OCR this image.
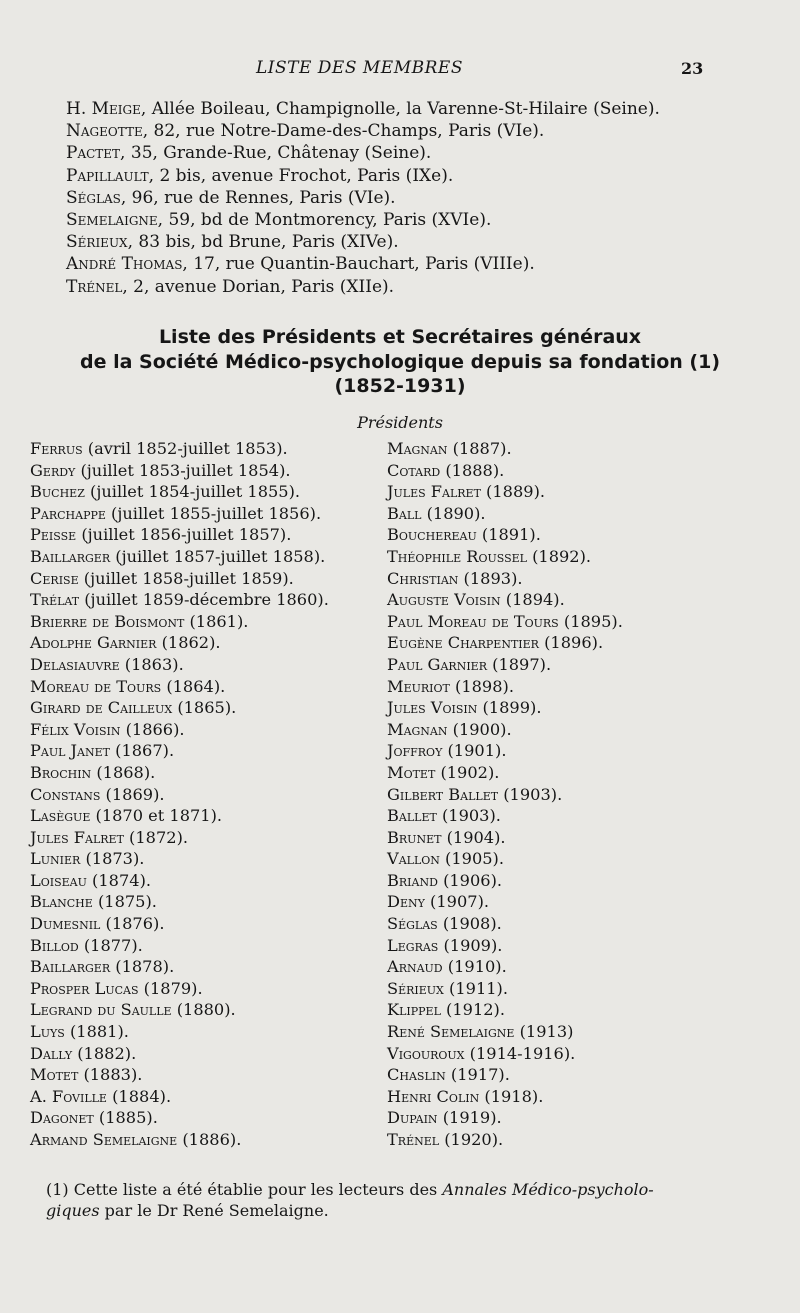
LISTE DES MEMBRES	23
H. Meige, Allée Boileau, Champignolle, la Varenne-St-Hilaire (Seine).
Nageotte, 82, rue Notre-Dame-des-Champs, Paris (VIe).
Pactet, 35, Grande-Rue, Châtenay (Seine).
Papillault, 2 bis, avenue Frochot, Paris (IXe).
Séglas, 96, rue de Rennes, Paris (VIe).
Semelaigne, 59, bd de Montmorency, Paris (XVIe).
Sérieux, 83 bis, bd Brune, Paris (XIVe).
André Thomas, 17, rue Quantin-Bauchart, Paris (VIIIe).
Trénel, 2, avenue Dorian, Paris (XIIe).
Liste des Présidents et Secrétaires généraux
de la Société Médico-psychologique depuis sa fondation (1)
(1852-1931)
Présidents
Ferrus (avril 1852-juillet 1853).
Gerdy (juillet 1853-juillet 1854).
Buchez (juillet 1854-juillet 1855).
Parchappe (juillet 1855-juillet 1856).
Peisse (juillet 1856-juillet 1857).
Baillarger (juillet 1857-juillet 1858).
Cerise (juillet 1858-juillet 1859).
Trélat (juillet 1859-décembre 1860).
Brierre de Boismont (1861).
Adolphe Garnier (1862).
Delasiauvre (1863).
Moreau de Tours (1864).
Girard de Cailleux (1865).
Félix Voisin (1866).
Paul Janet (1867).
Brochin (1868).
Constans (1869).
Lasègue (1870 et 1871).
Jules Falret (1872).
Lunier (1873).
Loiseau (1874).
Blanche (1875).
Dumesnil (1876).
Billod (1877).
Baillarger (1878).
Prosper Lucas (1879).
Legrand du Saulle (1880).
Luys (1881).
Dally (1882).
Motet (1883).
A. Foville (1884).
Dagonet (1885).
Armand Semelaigne (1886).
Magnan (1887).
Cotard (1888).
Jules Falret (1889).
Ball (1890).
Bouchereau (1891).
Théophile Roussel (1892).
Christian (1893).
Auguste Voisin (1894).
Paul Moreau de Tours (1895).
Eugène Charpentier (1896).
Paul Garnier (1897).
Meuriot (1898).
Jules Voisin (1899).
Magnan (1900).
Joffroy (1901).
Motet (1902).
Gilbert Ballet (1903).
Ballet (1903).
Brunet (1904).
Vallon (1905).
Briand (1906).
Deny (1907).
Séglas (1908).
Legras (1909).
Arnaud (1910).
Sérieux (1911).
Klippel (1912).
René Semelaigne (1913)
Vigouroux (1914-1916).
Chaslin (1917).
Henri Colin (1918).
Dupain (1919).
Trénel (1920).
(1) Cette liste a été établie pour les lecteurs des Annales Médico-psycholo-
giques par le Dr René Semelaigne.
